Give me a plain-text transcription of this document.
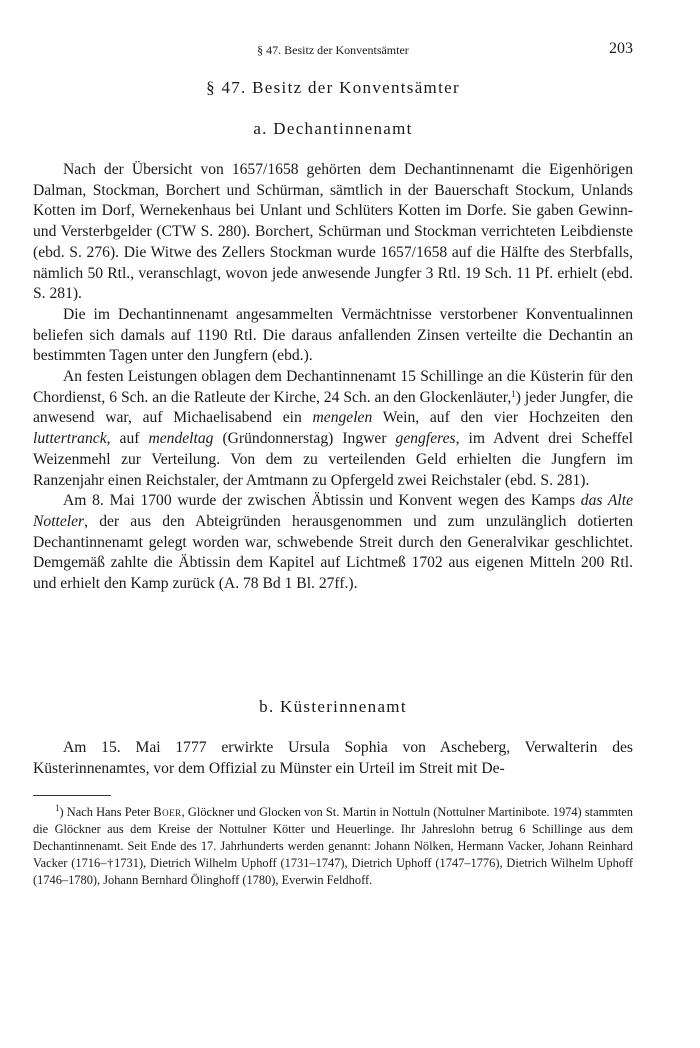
§ 47. Besitz der Konventsämter	203
§ 47. Besitz der Konventsämter
a. Dechantinnenamt

Nach der Übersicht von 1657/1658 gehörten dem Dechantinnenamt die Eigenhörigen Dalman, Stockman, Borchert und Schürman, sämtlich in der Bauerschaft Stockum, Unlands Kotten im Dorf, Wernekenhaus bei Unlant und Schlüters Kotten im Dorfe. Sie gaben Gewinn- und Versterbgelder (CTW S. 280). Borchert, Schürman und Stockman verrichteten Leibdienste (ebd. S. 276). Die Witwe des Zellers Stockman wurde 1657/1658 auf die Hälfte des Sterbfalls, nämlich 50 Rtl., veranschlagt, wovon jede anwesende Jungfer 3 Rtl. 19 Sch. 11 Pf. erhielt (ebd. S. 281).

Die im Dechantinnenamt angesammelten Vermächtnisse verstorbener Konventualinnen beliefen sich damals auf 1190 Rtl. Die daraus anfallenden Zinsen verteilte die Dechantin an bestimmten Tagen unter den Jungfern (ebd.).

An festen Leistungen oblagen dem Dechantinnenamt 15 Schillinge an die Küsterin für den Chordienst, 6 Sch. an die Ratleute der Kirche, 24 Sch. an den Glockenläuter,$^1$) jeder Jungfer, die anwesend war, auf Michaelisabend ein mengelen Wein, auf den vier Hochzeiten den luttertranck, auf mendeltag (Gründonnerstag) Ingwer gengferes, im Advent drei Scheffel Weizenmehl zur Verteilung. Von dem zu verteilenden Geld erhielten die Jungfern im Ranzenjahr einen Reichstaler, der Amtmann zu Opfergeld zwei Reichstaler (ebd. S. 281).

Am 8. Mai 1700 wurde der zwischen Äbtissin und Konvent wegen des Kamps das Alte Notteler, der aus den Abteigründen herausgenommen und zum unzulänglich dotierten Dechantinnenamt gelegt worden war, schwebende Streit durch den Generalvikar geschlichtet. Demgemäß zahlte die Äbtissin dem Kapitel auf Lichtmeß 1702 aus eigenen Mitteln 200 Rtl. und erhielt den Kamp zurück (A. 78 Bd 1 Bl. 27ff.).

b. Küsterinnenamt

Am 15. Mai 1777 erwirkte Ursula Sophia von Ascheberg, Verwalterin des Küsterinnenamtes, vor dem Offizial zu Münster ein Urteil im Streit mit De-

$^1$) Nach Hans Peter Boer, Glöckner und Glocken von St. Martin in Nottuln (Nottulner Martinibote. 1974) stammten die Glöckner aus dem Kreise der Nottulner Kötter und Heuerlinge. Ihr Jahreslohn betrug 6 Schillinge aus dem Dechantinnenamt. Seit Ende des 17. Jahrhunderts werden genannt: Johann Nölken, Hermann Vacker, Johann Reinhard Vacker (1716–†1731), Dietrich Wilhelm Uphoff (1731–1747), Dietrich Uphoff (1747–1776), Dietrich Wilhelm Uphoff (1746–1780), Johann Bernhard Ölinghoff (1780), Everwin Feldhoff.
